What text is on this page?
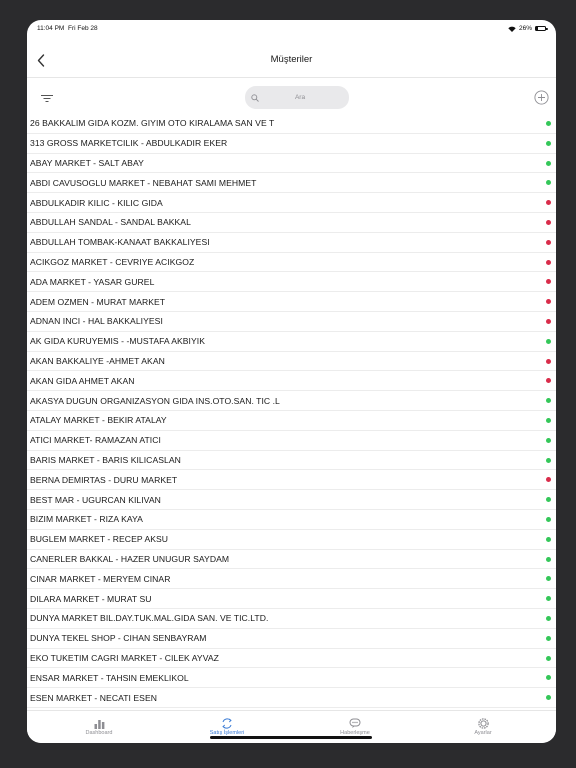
11:04 PM Fri Feb 28	26%
Müşteriler
Ara
26 BAKKALIM GIDA KOZM. GIYIM OTO KIRALAMA SAN VE T
313 GROSS MARKETCILIK - ABDULKADIR EKER
ABAY MARKET - SALT ABAY
ABDI CAVUSOGLU MARKET - NEBAHAT SAMI MEHMET
ABDULKADIR KILIC - KILIC GIDA
ABDULLAH SANDAL - SANDAL BAKKAL
ABDULLAH TOMBAK-KANAAT BAKKALIYESI
ACIKGOZ MARKET - CEVRIYE ACIKGOZ
ADA MARKET - YASAR GUREL
ADEM OZMEN - MURAT MARKET
ADNAN INCI - HAL BAKKALIYESI
AK GIDA KURUYEMIS - -MUSTAFA AKBIYIK
AKAN BAKKALIYE -AHMET AKAN
AKAN GIDA AHMET AKAN
AKASYA DUGUN ORGANIZASYON GIDA INS.OTO.SAN. TIC .L
ATALAY MARKET - BEKIR ATALAY
ATICI MARKET- RAMAZAN ATICI
BARIS MARKET - BARIS KILICASLAN
BERNA DEMIRTAS - DURU MARKET
BEST MAR - UGURCAN KILIVAN
BIZIM MARKET - RIZA KAYA
BUGLEM MARKET - RECEP AKSU
CANERLER BAKKAL - HAZER UNUGUR SAYDAM
CINAR MARKET - MERYEM CINAR
DILARA MARKET - MURAT SU
DUNYA MARKET BIL.DAY.TUK.MAL.GIDA SAN. VE TIC.LTD.
DUNYA TEKEL SHOP - CIHAN SENBAYRAM
EKO TUKETIM CAGRI MARKET - CILEK AYVAZ
ENSAR MARKET - TAHSIN EMEKLIKOL
ESEN MARKET - NECATI ESEN
Dashboard	Satış İşlemleri	Haberleşme	Ayarlar
